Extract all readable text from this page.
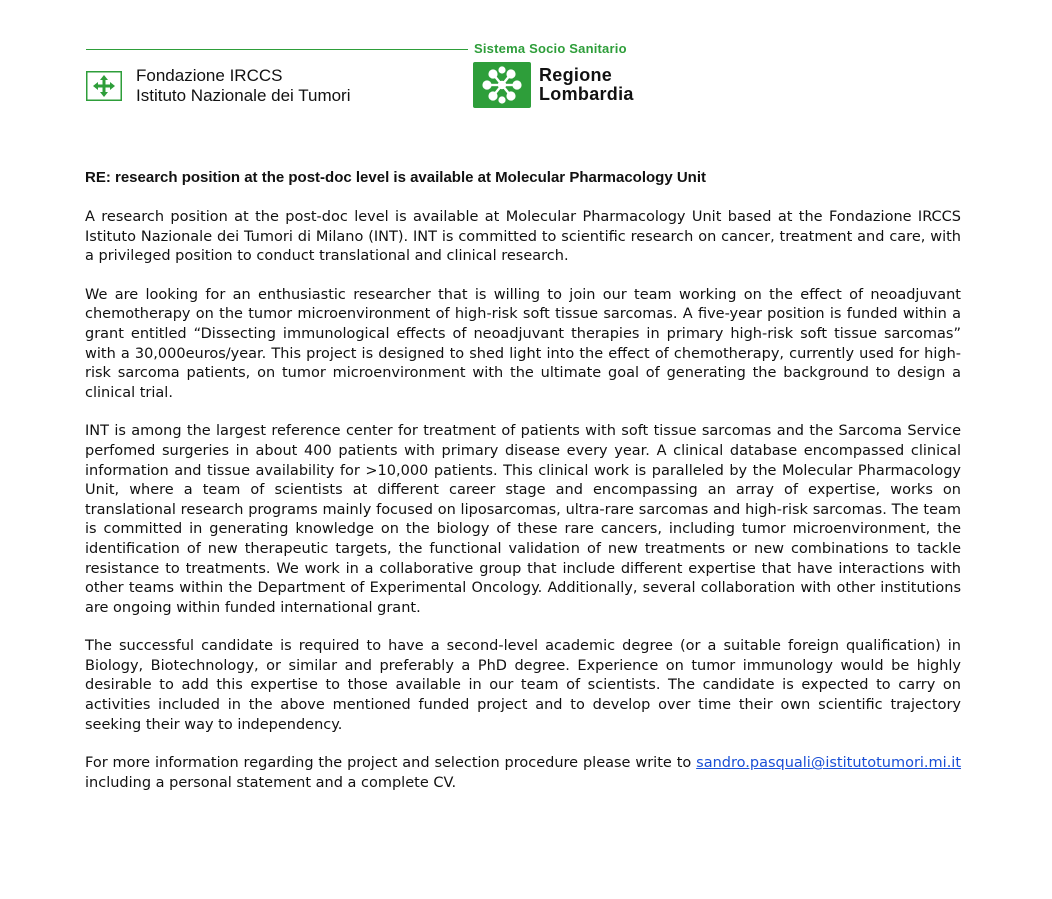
Sistema Socio Sanitario
Fondazione IRCCS
Istituto Nazionale dei Tumori
Regione
Lombardia
RE: research position at the post-doc level is available at Molecular Pharmacology Unit

A research position at the post-doc level is available at Molecular Pharmacology Unit based at the Fondazione IRCCS Istituto Nazionale dei Tumori di Milano (INT). INT is committed to scientific research on cancer, treatment and care, with a privileged position to conduct translational and clinical research.

We are looking for an enthusiastic researcher that is willing to join our team working on the effect of neoadjuvant chemotherapy on the tumor microenvironment of high-risk soft tissue sarcomas. A five-year position is funded within a grant entitled “Dissecting immunological effects of neoadjuvant therapies in primary high-risk soft tissue sarcomas” with a 30,000euros/year. This project is designed to shed light into the effect of chemotherapy, currently used for high-risk sarcoma patients, on tumor microenvironment with the ultimate goal of generating the background to design a clinical trial.

INT is among the largest reference center for treatment of patients with soft tissue sarcomas and the Sarcoma Service perfomed surgeries in about 400 patients with primary disease every year. A clinical database encompassed clinical information and tissue availability for >10,000 patients. This clinical work is paralleled by the Molecular Pharmacology Unit, where a team of scientists at different career stage and encompassing an array of expertise, works on translational research programs mainly focused on liposarcomas, ultra-rare sarcomas and high-risk sarcomas. The team is committed in generating knowledge on the biology of these rare cancers, including tumor microenvironment, the identification of new therapeutic targets, the functional validation of new treatments or new combinations to tackle resistance to treatments. We work in a collaborative group that include different expertise that have interactions with other teams within the Department of Experimental Oncology. Additionally, several collaboration with other institutions are ongoing within funded international grant.

The successful candidate is required to have a second-level academic degree (or a suitable foreign qualification) in Biology, Biotechnology, or similar and preferably a PhD degree. Experience on tumor immunology would be highly desirable to add this expertise to those available in our team of scientists. The candidate is expected to carry on activities included in the above mentioned funded project and to develop over time their own scientific trajectory seeking their way to independency.

For more information regarding the project and selection procedure please write to sandro.pasquali@istitutotumori.mi.it including a personal statement and a complete CV.
